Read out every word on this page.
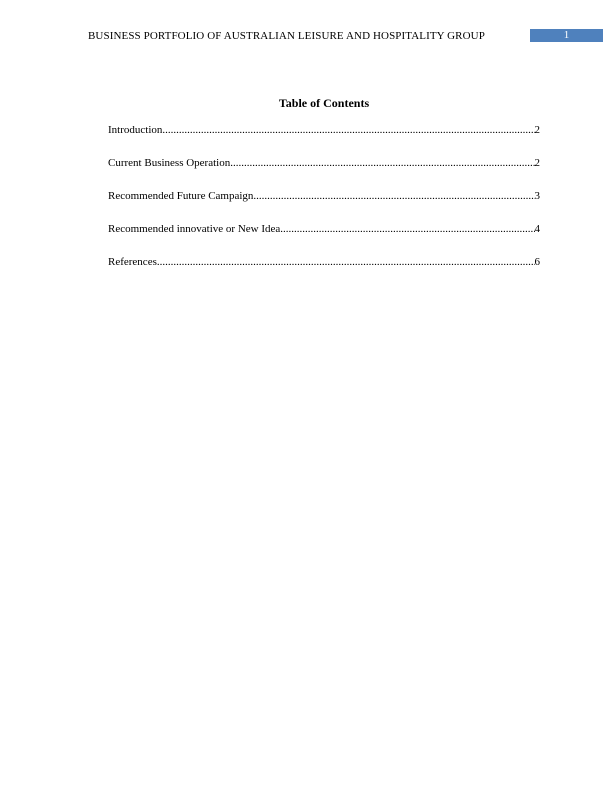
BUSINESS PORTFOLIO OF AUSTRALIAN LEISURE AND HOSPITALITY GROUP	1
Table of Contents
Introduction .....	2
Current Business Operation .....	2
Recommended Future Campaign .....	3
Recommended innovative or New Idea .....	4
References .....	6
